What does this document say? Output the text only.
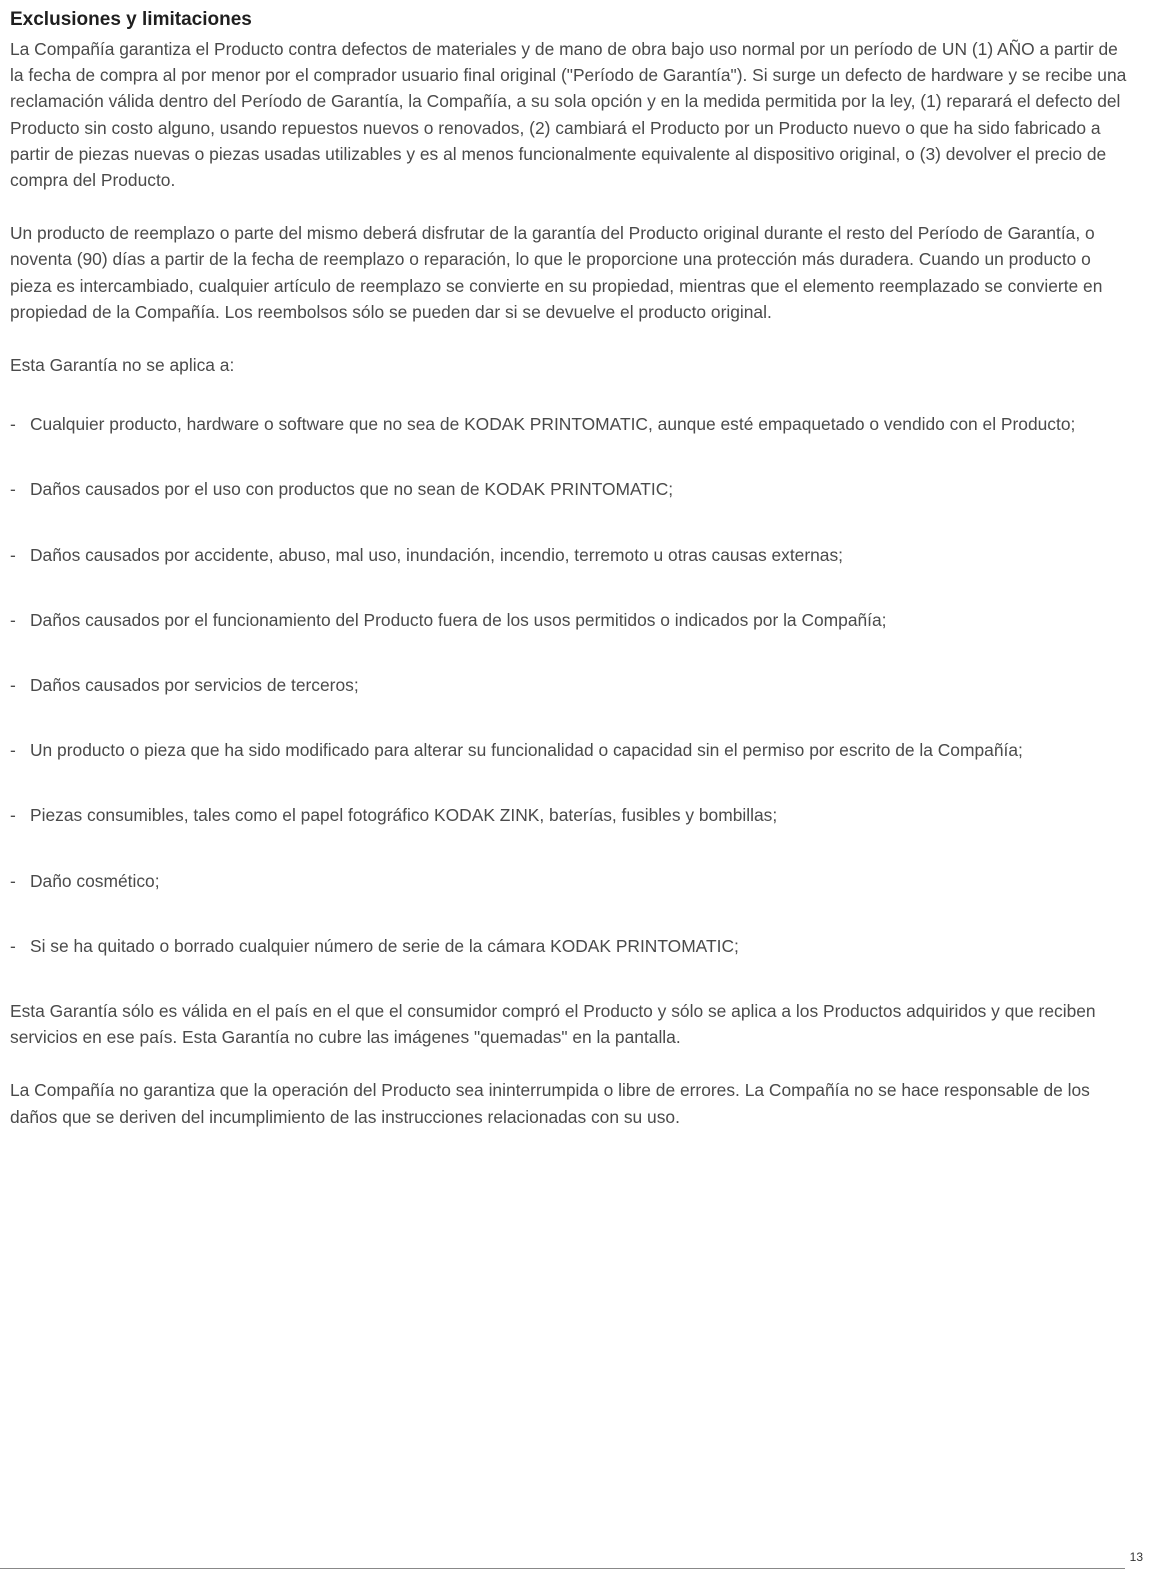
Exclusiones y limitaciones

La Compañía garantiza el Producto contra defectos de materiales y de mano de obra bajo uso normal por un período de UN (1) AÑO a partir de la fecha de compra al por menor por el comprador usuario final original ("Período de Garantía"). Si surge un defecto de hardware y se recibe una reclamación válida dentro del Período de Garantía, la Compañía, a su sola opción y en la medida permitida por la ley, (1) reparará el defecto del Producto sin costo alguno, usando repuestos nuevos o renovados, (2) cambiará el Producto por un Producto nuevo o que ha sido fabricado a partir de piezas nuevas o piezas usadas utilizables y es al menos funcionalmente equivalente al dispositivo original, o (3) devolver el precio de compra del Producto.

Un producto de reemplazo o parte del mismo deberá disfrutar de la garantía del Producto original durante el resto del Período de Garantía, o noventa (90) días a partir de la fecha de reemplazo o reparación, lo que le proporcione una protección más duradera. Cuando un producto o pieza es intercambiado, cualquier artículo de reemplazo se convierte en su propiedad, mientras que el elemento reemplazado se convierte en propiedad de la Compañía. Los reembolsos sólo se pueden dar si se devuelve el producto original.

Esta Garantía no se aplica a:

- Cualquier producto, hardware o software que no sea de KODAK PRINTOMATIC, aunque esté empaquetado o vendido con el Producto;
- Daños causados por el uso con productos que no sean de KODAK PRINTOMATIC;
- Daños causados por accidente, abuso, mal uso, inundación, incendio, terremoto u otras causas externas;
- Daños causados por el funcionamiento del Producto fuera de los usos permitidos o indicados por la Compañía;
- Daños causados por servicios de terceros;
- Un producto o pieza que ha sido modificado para alterar su funcionalidad o capacidad sin el permiso por escrito de la Compañía;
- Piezas consumibles, tales como el papel fotográfico KODAK ZINK, baterías, fusibles y bombillas;
- Daño cosmético;
- Si se ha quitado o borrado cualquier número de serie de la cámara KODAK PRINTOMATIC;

Esta Garantía sólo es válida en el país en el que el consumidor compró el Producto y sólo se aplica a los Productos adquiridos y que reciben servicios en ese país. Esta Garantía no cubre las imágenes "quemadas" en la pantalla.

La Compañía no garantiza que la operación del Producto sea ininterrumpida o libre de errores. La Compañía no se hace responsable de los daños que se deriven del incumplimiento de las instrucciones relacionadas con su uso.

13
